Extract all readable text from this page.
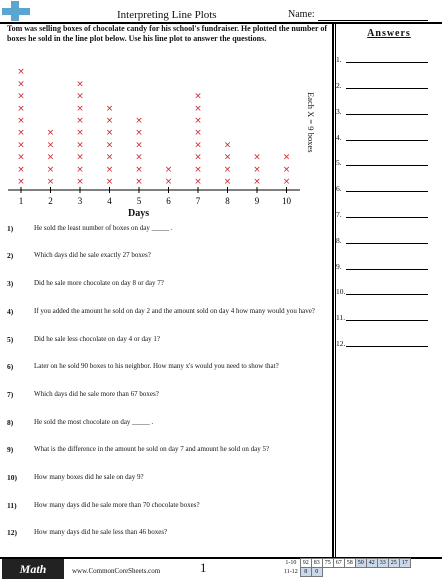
Interpreting Line Plots	Name:
Tom was selling boxes of chocolate candy for his school's fundraiser. He plotted the number of boxes he sold in the line plot below. Use his line plot to answer the questions.
1
×
×
×
×
×
×
×
×
×
×
2
×
×
×
×
×
3
×
×
×
×
×
×
×
×
×
4
×
×
×
×
×
×
×
5
×
×
×
×
×
×
6
×
×
7
×
×
×
×
×
×
×
×
8
×
×
×
×
9
×
×
×
10
×
×
×
Days
Each X = 9 boxes
1)	He sold the least number of boxes on day _____ .
2)	Which days did he sale exactly 27 boxes?
3)	Did he sale more chocolate on day 8 or day 7?
4)	If you added the amount he sold on day 2 and the amount sold on day 4 how many would you have?
5)	Did he sale less chocolate on day 4 or day 1?
6)	Later on he sold 90 boxes to his neighbor. How many x's would you need to show that?
7)	Which days did he sale more than 67 boxes?
8)	He sold the most chocolate on day _____ .
9)	What is the difference in the amount he sold on day 7 and amount he sold on day 5?
10) How many boxes did he sale on day 9?
11) How many days did he sale more than 70 chocolate boxes?
12) How many days did he sale less than 46 boxes?
Answers
1.
2.
3.
4.
5.
6.
7.
8.
9.
10.
11.
12.
Math	www.CommonCoreSheets.com	1	1-10	92	83	75	67	58	50	42	33	25	17
11-12	8	0								
